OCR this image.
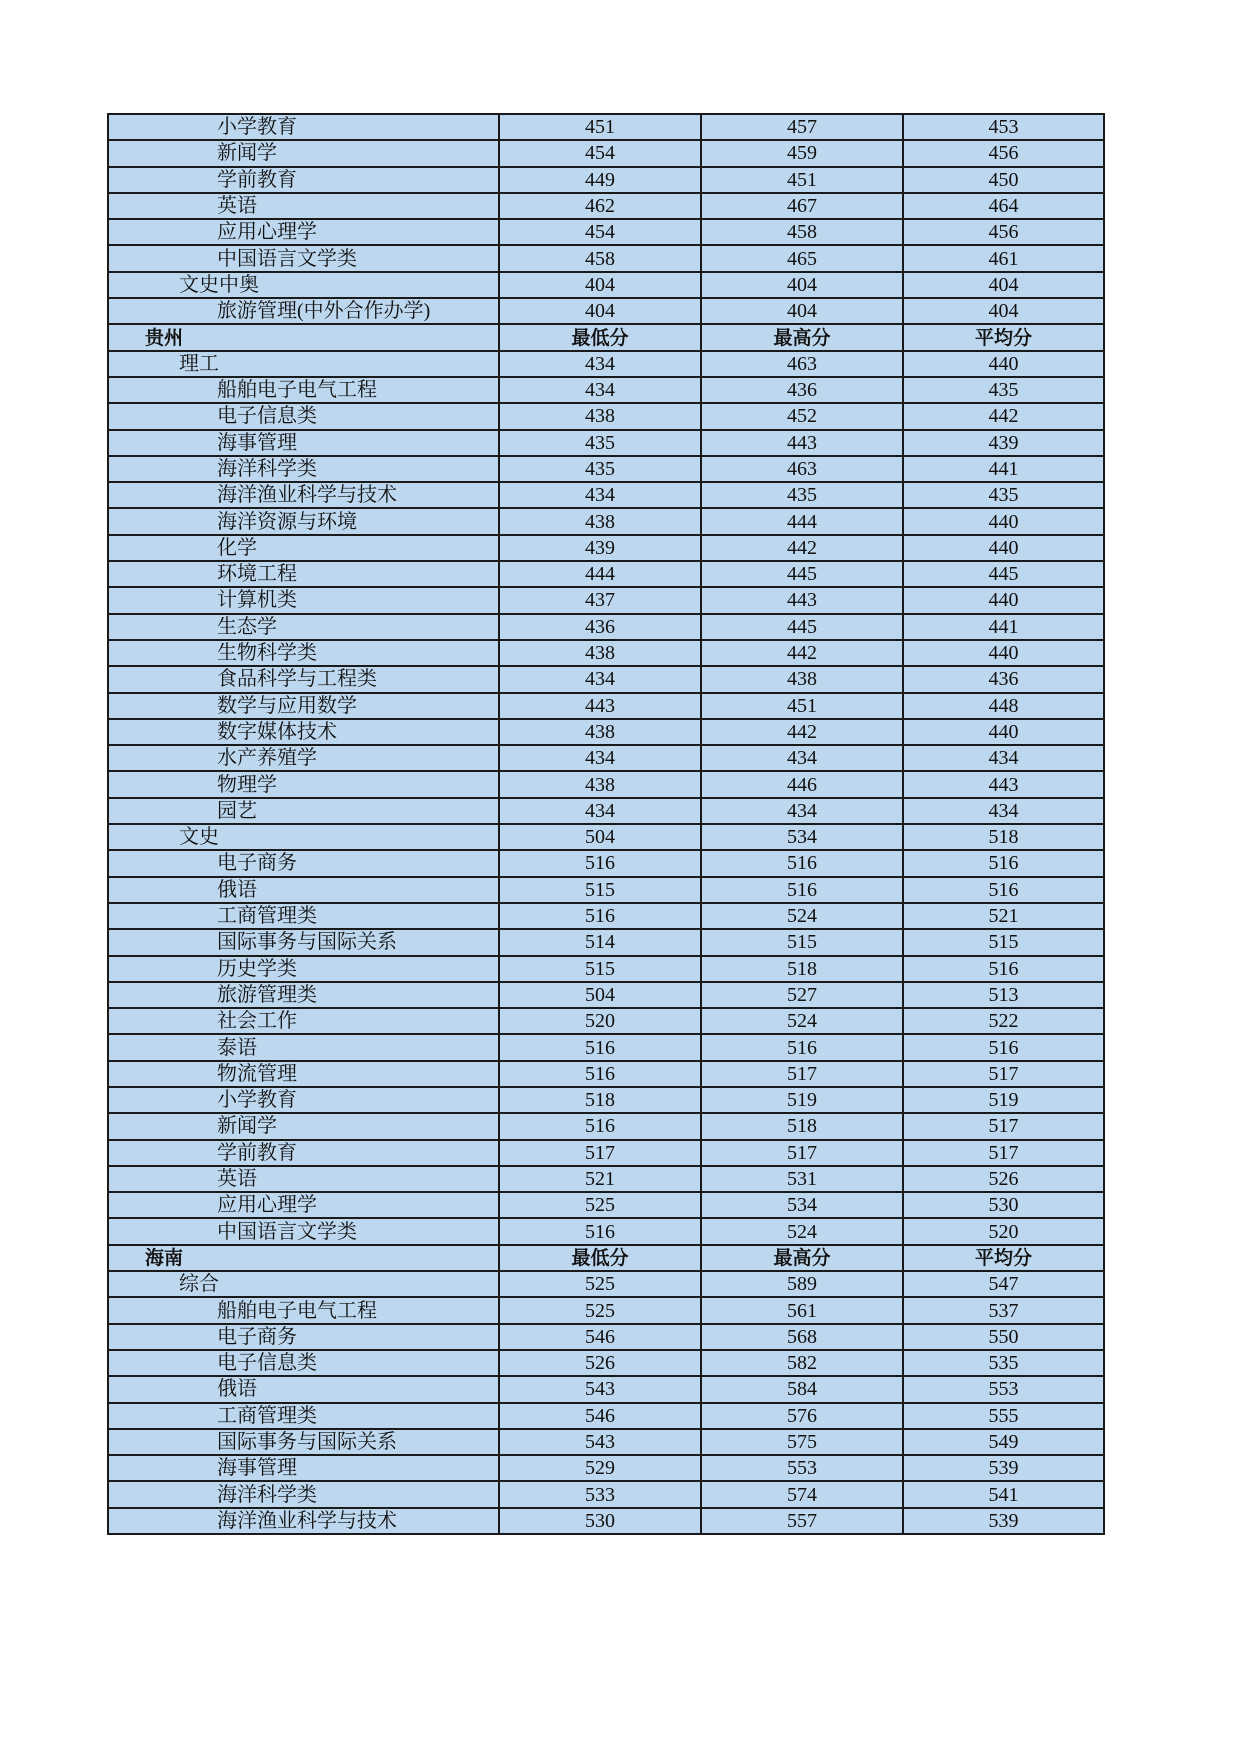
小学教育	451	457	453
新闻学	454	459	456
学前教育	449	451	450
英语	462	467	464
应用心理学	454	458	456
中国语言文学类	458	465	461
文史中奥	404	404	404
旅游管理(中外合作办学)	404	404	404
贵州	最低分	最高分	平均分
理工	434	463	440
船舶电子电气工程	434	436	435
电子信息类	438	452	442
海事管理	435	443	439
海洋科学类	435	463	441
海洋渔业科学与技术	434	435	435
海洋资源与环境	438	444	440
化学	439	442	440
环境工程	444	445	445
计算机类	437	443	440
生态学	436	445	441
生物科学类	438	442	440
食品科学与工程类	434	438	436
数学与应用数学	443	451	448
数字媒体技术	438	442	440
水产养殖学	434	434	434
物理学	438	446	443
园艺	434	434	434
文史	504	534	518
电子商务	516	516	516
俄语	515	516	516
工商管理类	516	524	521
国际事务与国际关系	514	515	515
历史学类	515	518	516
旅游管理类	504	527	513
社会工作	520	524	522
泰语	516	516	516
物流管理	516	517	517
小学教育	518	519	519
新闻学	516	518	517
学前教育	517	517	517
英语	521	531	526
应用心理学	525	534	530
中国语言文学类	516	524	520
海南	最低分	最高分	平均分
综合	525	589	547
船舶电子电气工程	525	561	537
电子商务	546	568	550
电子信息类	526	582	535
俄语	543	584	553
工商管理类	546	576	555
国际事务与国际关系	543	575	549
海事管理	529	553	539
海洋科学类	533	574	541
海洋渔业科学与技术	530	557	539
